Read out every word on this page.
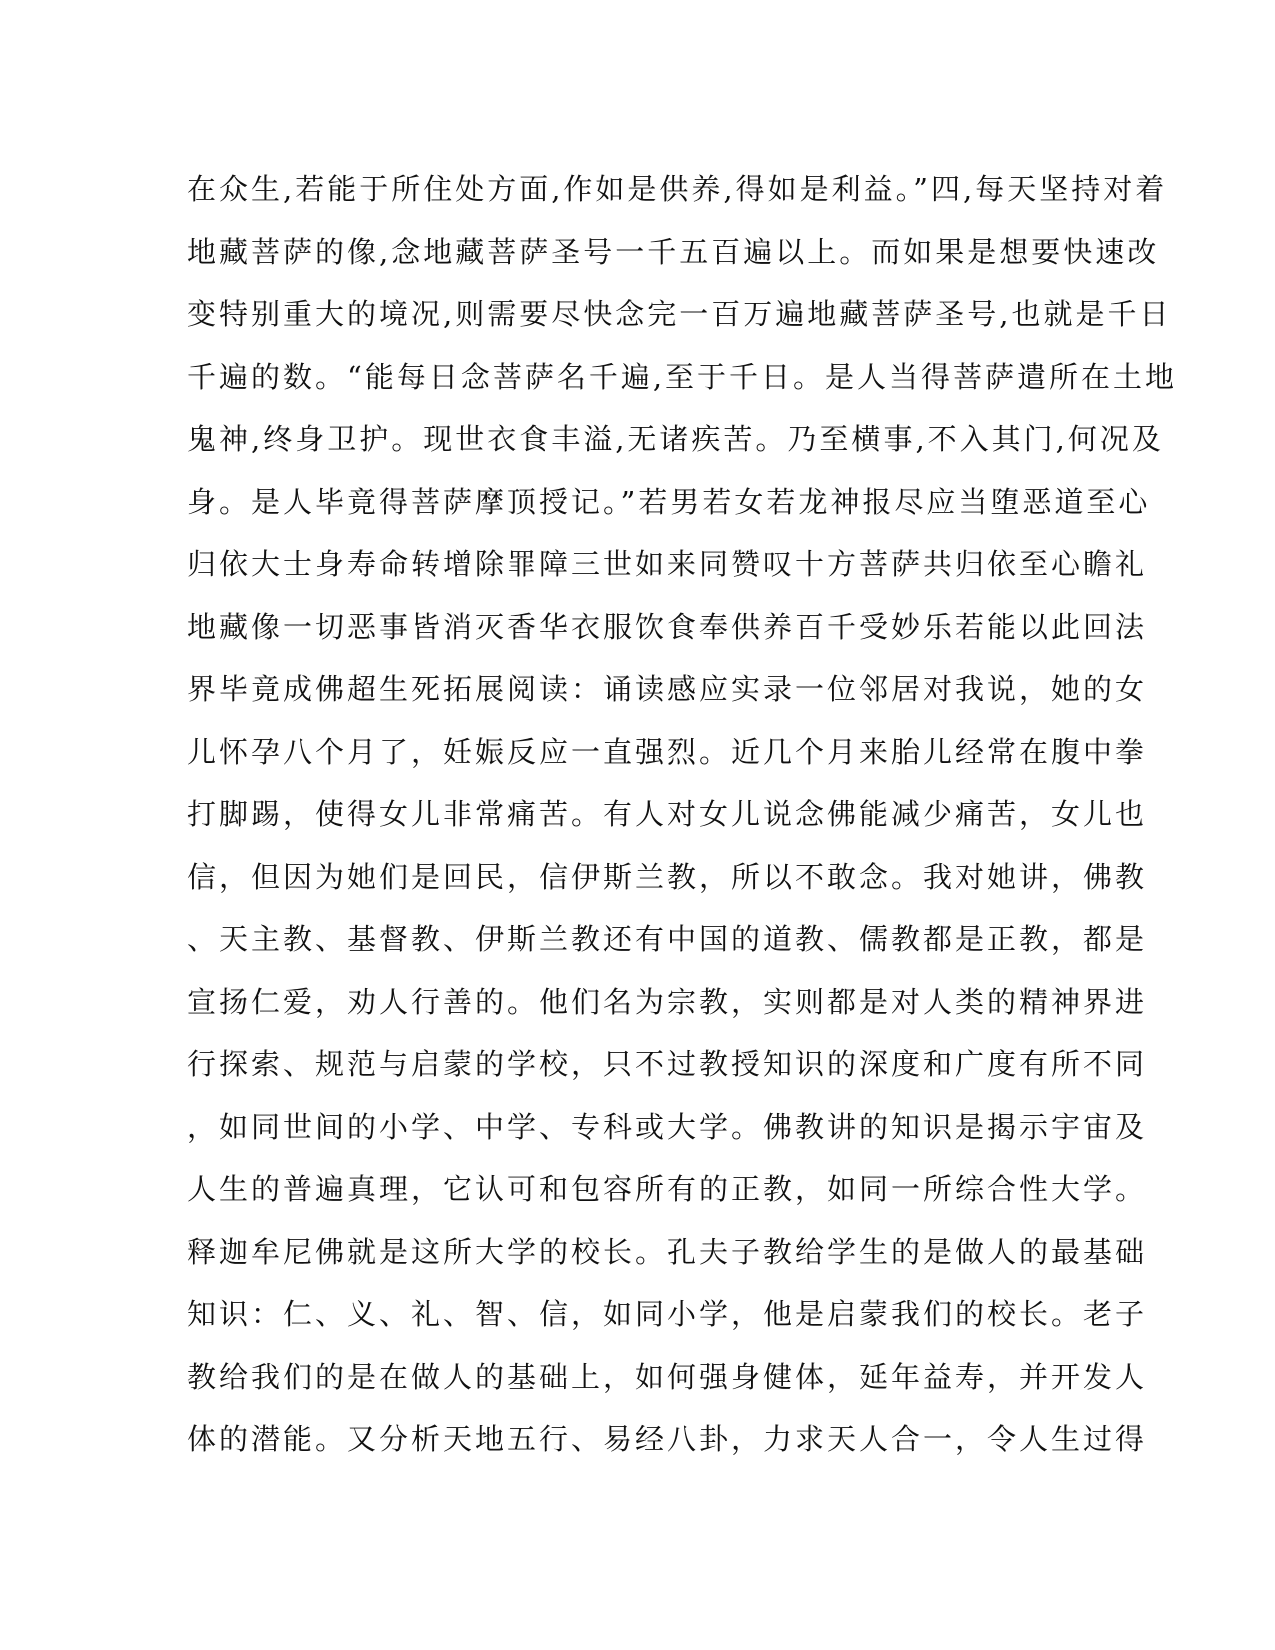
在众生,若能于所住处方面,作如是供养,得如是利益。”四,每天坚持对着
地藏菩萨的像,念地藏菩萨圣号一千五百遍以上。而如果是想要快速改
变特别重大的境况,则需要尽快念完一百万遍地藏菩萨圣号,也就是千日
千遍的数。“能每日念菩萨名千遍,至于千日。是人当得菩萨遣所在土地
鬼神,终身卫护。现世衣食丰溢,无诸疾苦。乃至横事,不入其门,何况及
身。是人毕竟得菩萨摩顶授记。”若男若女若龙神报尽应当堕恶道至心
归依大士身寿命转增除罪障三世如来同赞叹十方菩萨共归依至心瞻礼
地藏像一切恶事皆消灭香华衣服饮食奉供养百千受妙乐若能以此回法
界毕竟成佛超生死拓展阅读：诵读感应实录一位邻居对我说，她的女
儿怀孕八个月了，妊娠反应一直强烈。近几个月来胎儿经常在腹中拳
打脚踢，使得女儿非常痛苦。有人对女儿说念佛能减少痛苦，女儿也
信，但因为她们是回民，信伊斯兰教，所以不敢念。我对她讲，佛教
、天主教、基督教、伊斯兰教还有中国的道教、儒教都是正教，都是
宣扬仁爱，劝人行善的。他们名为宗教，实则都是对人类的精神界进
行探索、规范与启蒙的学校，只不过教授知识的深度和广度有所不同
，如同世间的小学、中学、专科或大学。佛教讲的知识是揭示宇宙及
人生的普遍真理，它认可和包容所有的正教，如同一所综合性大学。
释迦牟尼佛就是这所大学的校长。孔夫子教给学生的是做人的最基础
知识：仁、义、礼、智、信，如同小学，他是启蒙我们的校长。老子
教给我们的是在做人的基础上，如何强身健体，延年益寿，并开发人
体的潜能。又分析天地五行、易经八卦，力求天人合一，令人生过得
